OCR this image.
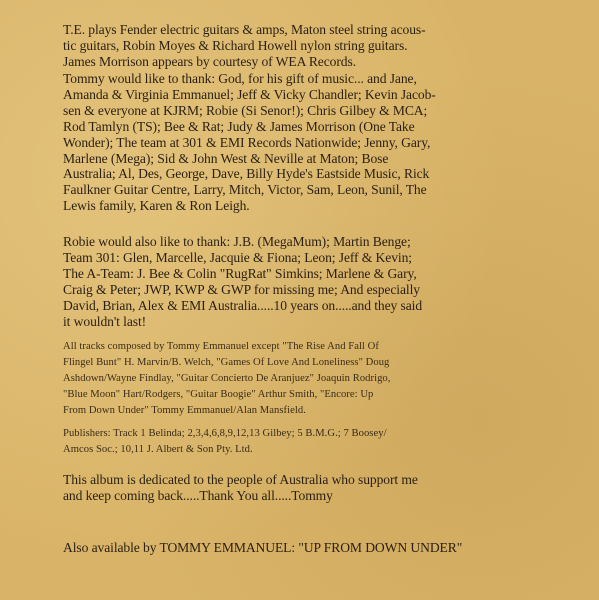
T.E. plays Fender electric guitars & amps, Maton steel string acous-
tic guitars, Robin Moyes & Richard Howell nylon string guitars.
James Morrison appears by courtesy of WEA Records.
Tommy would like to thank: God, for his gift of music... and Jane,
Amanda & Virginia Emmanuel; Jeff & Vicky Chandler; Kevin Jacob-
sen & everyone at KJRM; Robie (Si Senor!); Chris Gilbey & MCA;
Rod Tamlyn (TS); Bee & Rat; Judy & James Morrison (One Take
Wonder); The team at 301 & EMI Records Nationwide; Jenny, Gary,
Marlene (Mega); Sid & John West & Neville at Maton; Bose
Australia; Al, Des, George, Dave, Billy Hyde's Eastside Music, Rick
Faulkner Guitar Centre, Larry, Mitch, Victor, Sam, Leon, Sunil, The
Lewis family, Karen & Ron Leigh.
Robie would also like to thank: J.B. (MegaMum); Martin Benge;
Team 301: Glen, Marcelle, Jacquie & Fiona; Leon; Jeff & Kevin;
The A-Team: J. Bee & Colin "RugRat" Simkins; Marlene & Gary,
Craig & Peter; JWP, KWP & GWP for missing me; And especially
David, Brian, Alex & EMI Australia.....10 years on.....and they said
it wouldn't last!
All tracks composed by Tommy Emmanuel except "The Rise And Fall Of
Flingel Bunt" H. Marvin/B. Welch, "Games Of Love And Loneliness" Doug
Ashdown/Wayne Findlay, "Guitar Concierto De Aranjuez" Joaquin Rodrigo,
"Blue Moon" Hart/Rodgers, "Guitar Boogie" Arthur Smith, "Encore: Up
From Down Under" Tommy Emmanuel/Alan Mansfield.
Publishers: Track 1 Belinda; 2,3,4,6,8,9,12,13 Gilbey; 5 B.M.G.; 7 Boosey/
Amcos Soc.; 10,11 J. Albert & Son Pty. Ltd.
This album is dedicated to the people of Australia who support me
and keep coming back.....Thank You all.....Tommy
Also available by TOMMY EMMANUEL: "UP FROM DOWN UNDER"
